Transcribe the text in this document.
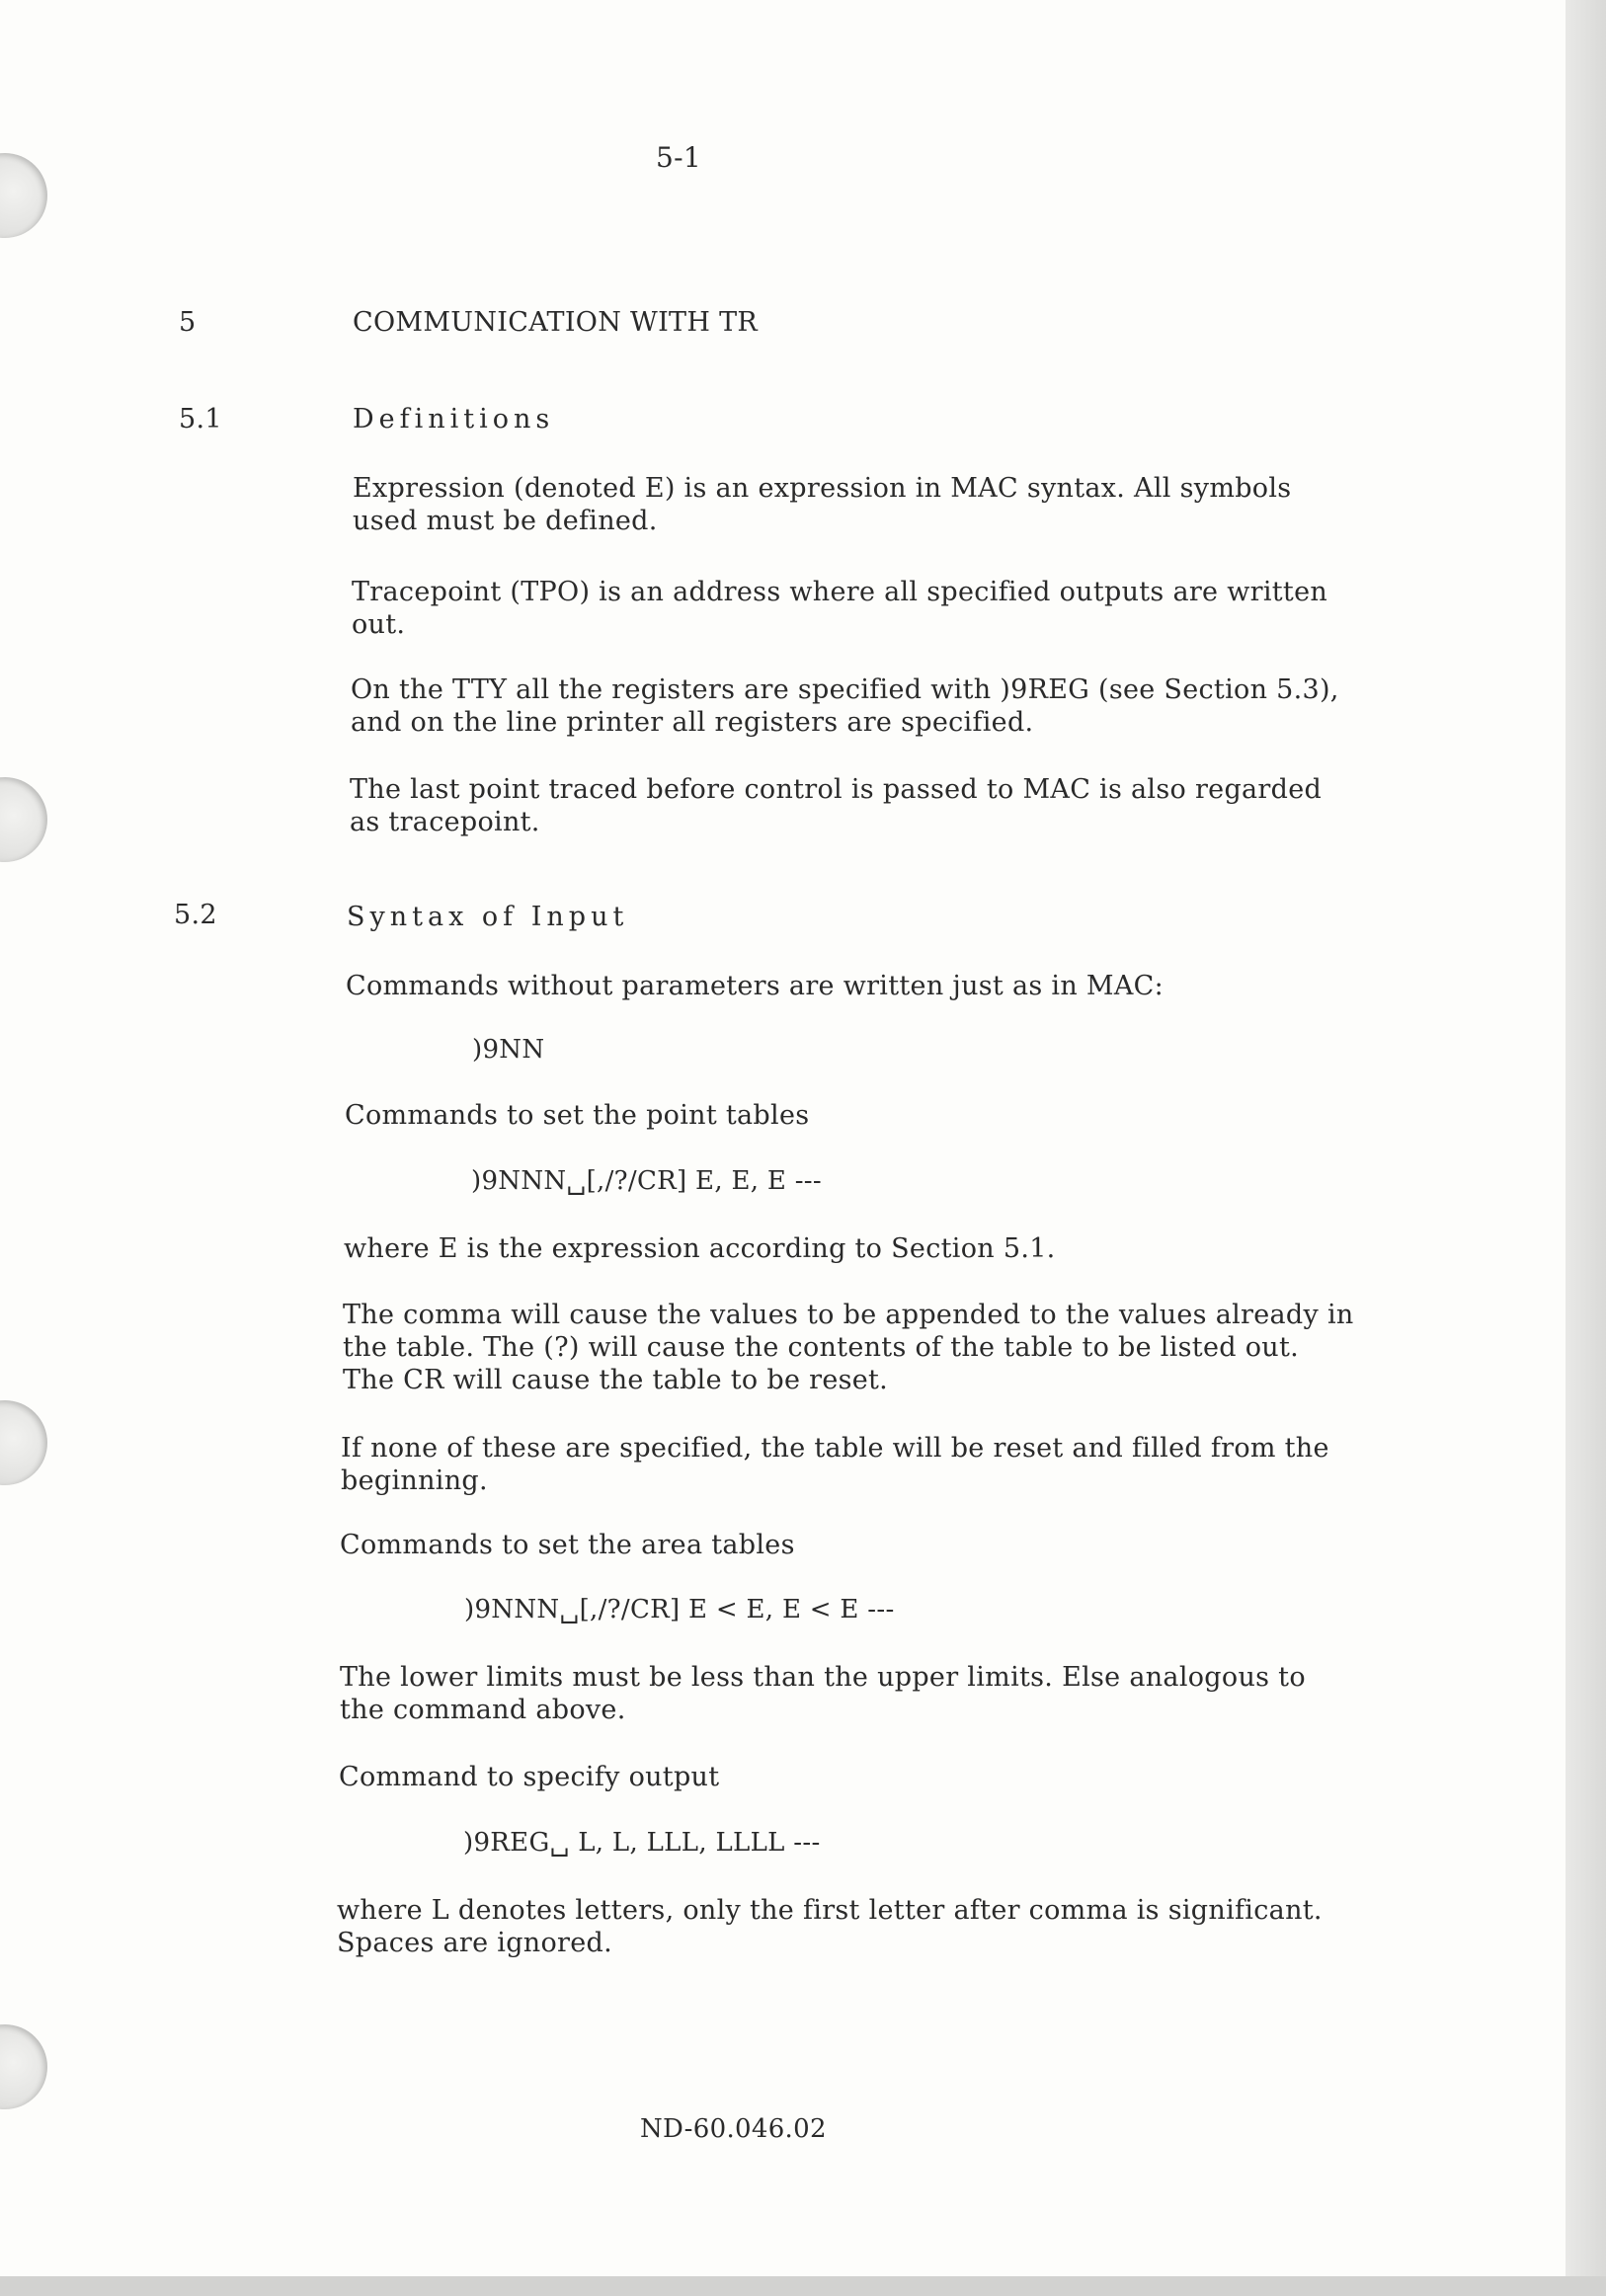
5-1
5	COMMUNICATION WITH TR
5.1	Definitions
Expression (denoted E) is an expression in MAC syntax. All symbols
used must be defined.
Tracepoint (TPO) is an address where all specified outputs are written
out.
On the TTY all the registers are specified with )9REG (see Section 5.3),
and on the line printer all registers are specified.
The last point traced before control is passed to MAC is also regarded
as tracepoint.
5.2	Syntax of Input
Commands without parameters are written just as in MAC:
)9NN
Commands to set the point tables
)9NNN␣[,/?/CR] E, E, E ---
where E is the expression according to Section 5.1.
The comma will cause the values to be appended to the values already in
the table. The (?) will cause the contents of the table to be listed out.
The CR will cause the table to be reset.
If none of these are specified, the table will be reset and filled from the
beginning.
Commands to set the area tables
)9NNN␣[,/?/CR] E < E, E < E ---
The lower limits must be less than the upper limits. Else analogous to
the command above.
Command to specify output
)9REG␣ L, L, LLL, LLLL ---
where L denotes letters, only the first letter after comma is significant.
Spaces are ignored.
ND-60.046.02
